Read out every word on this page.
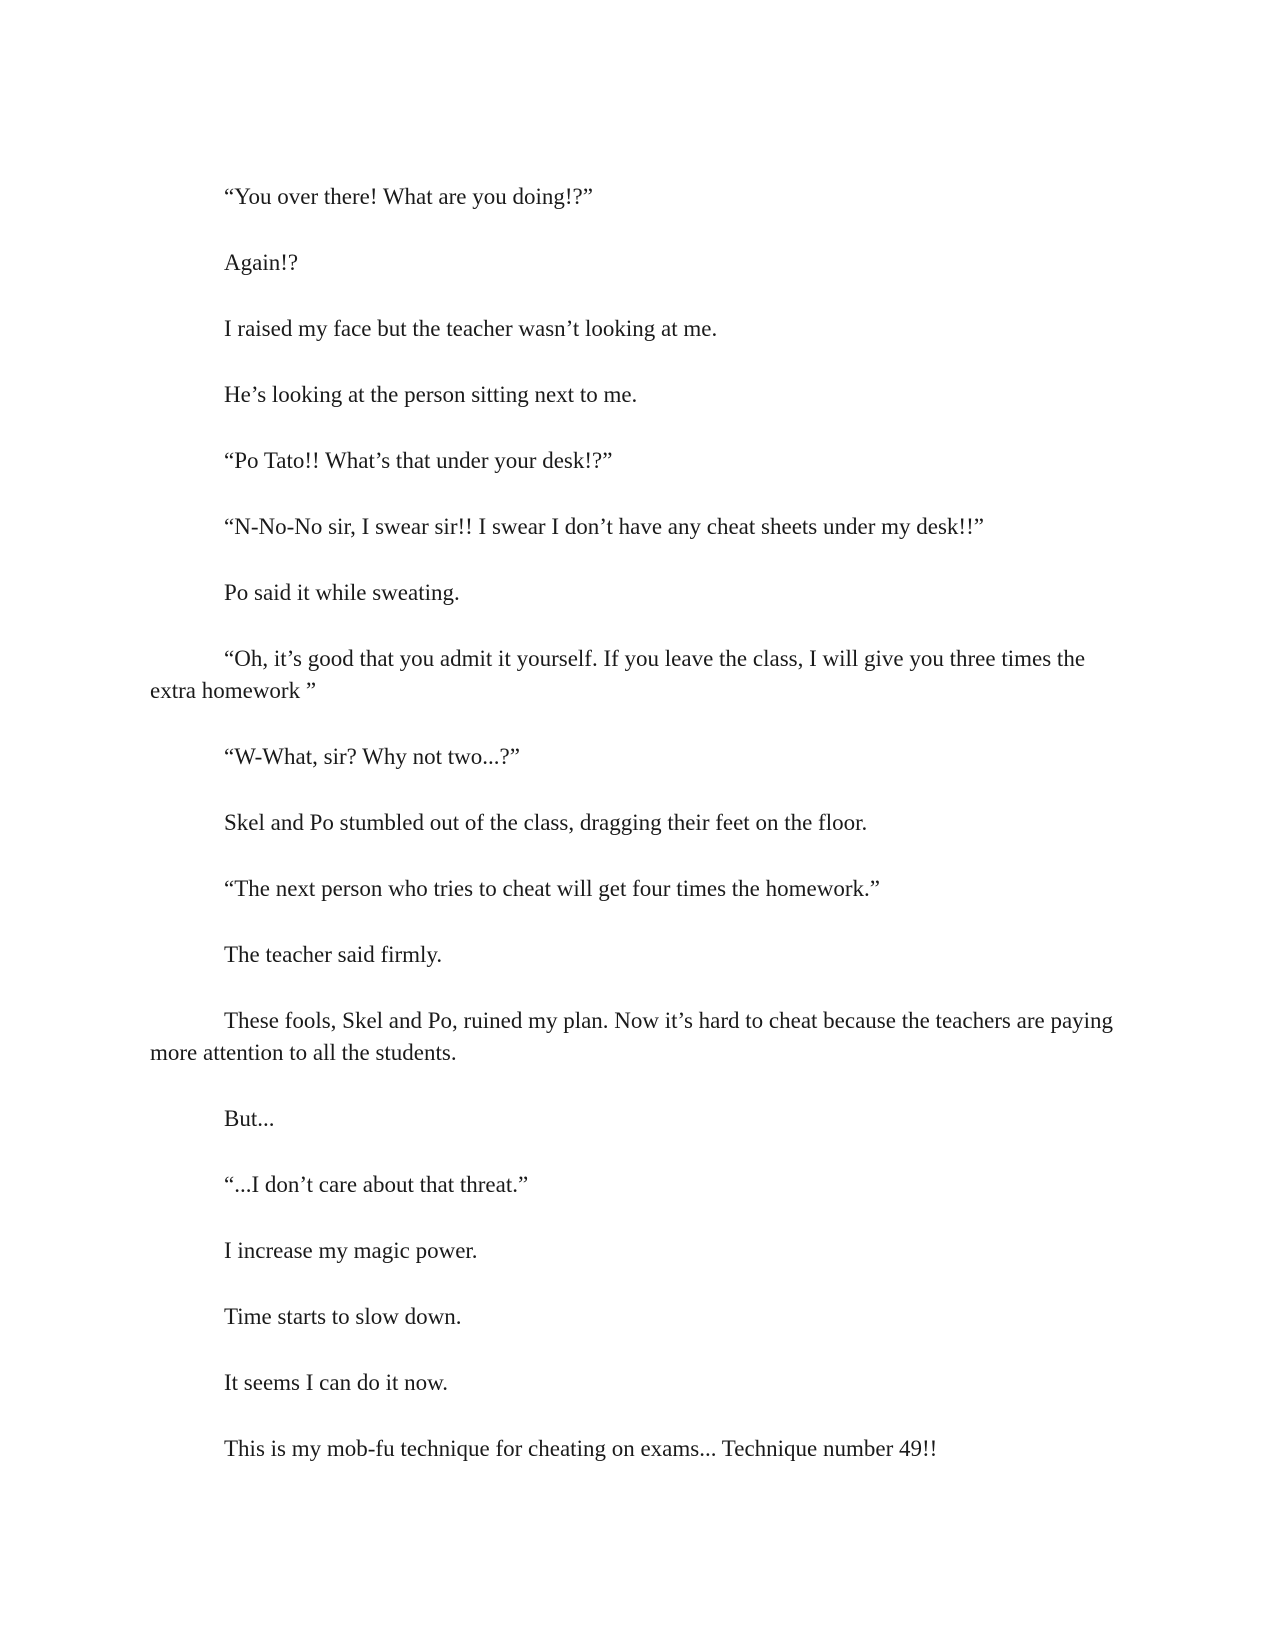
“You over there! What are you doing!?”

Again!?

I raised my face but the teacher wasn’t looking at me.

He’s looking at the person sitting next to me.

“Po Tato!! What’s that under your desk!?”

“N-No-No sir, I swear sir!! I swear I don’t have any cheat sheets under my desk!!”

Po said it while sweating.

“Oh, it’s good that you admit it yourself. If you leave the class, I will give you three times the extra homework ”

“W-What, sir? Why not two...?”

Skel and Po stumbled out of the class, dragging their feet on the floor.

“The next person who tries to cheat will get four times the homework.”

The teacher said firmly.

These fools, Skel and Po, ruined my plan. Now it’s hard to cheat because the teachers are paying more attention to all the students.

But...

“...I don’t care about that threat.”

I increase my magic power.

Time starts to slow down.

It seems I can do it now.

This is my mob-fu technique for cheating on exams... Technique number 49!!
